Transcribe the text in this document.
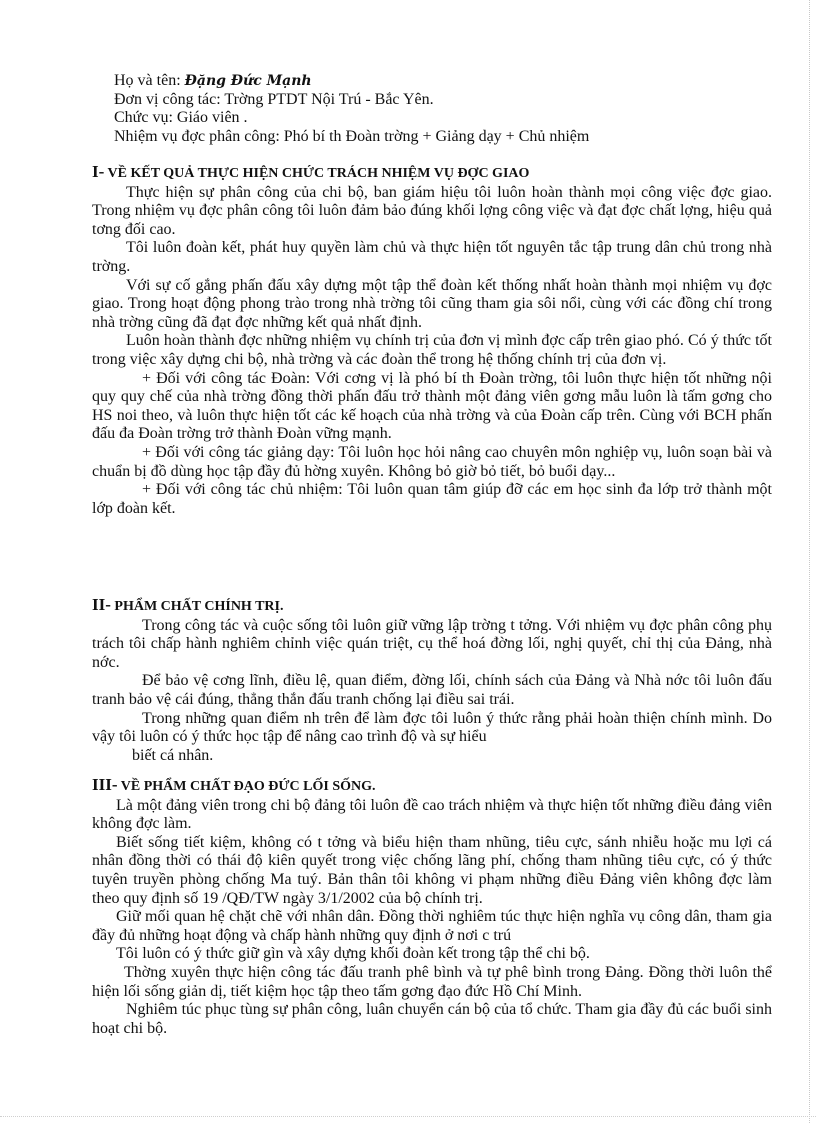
Họ và tên: Đặng Đức Mạnh
Đơn vị công tác: Trờng PTDT Nội Trú - Bắc Yên.
Chức vụ: Giáo viên .
Nhiệm vụ đợc phân công: Phó bí th Đoàn trờng + Giảng dạy + Chủ nhiệm
I- VỀ KẾT QUẢ THỰC HIỆN CHỨC TRÁCH NHIỆM VỤ ĐỢC GIAO

Thực hiện sự phân công của chi bộ, ban giám hiệu tôi luôn hoàn thành mọi công việc đợc giao. Trong nhiệm vụ đợc phân công tôi luôn đảm bảo đúng khối lợng công việc và đạt đợc chất lợng, hiệu quả tơng đối cao.

Tôi luôn đoàn kết, phát huy quyền làm chủ và thực hiện tốt nguyên tắc tập trung dân chủ trong nhà trờng.

Với sự cố gắng phấn đấu xây dựng một tập thể đoàn kết thống nhất hoàn thành mọi nhiệm vụ đợc giao. Trong hoạt động phong trào trong nhà trờng tôi cũng tham gia sôi nổi, cùng với các đồng chí trong nhà trờng cũng đã đạt đợc những kết quả nhất định.

Luôn hoàn thành đợc những nhiệm vụ chính trị của đơn vị mình đợc cấp trên giao phó. Có ý thức tốt trong việc xây dựng chi bộ, nhà trờng và các đoàn thể trong hệ thống chính trị của đơn vị.

+ Đối với công tác Đoàn: Với cơng vị là phó bí th Đoàn trờng, tôi luôn thực hiện tốt những nội quy quy chế của nhà trờng đồng thời phấn đấu trở thành một đảng viên gơng mẫu luôn là tấm gơng cho HS noi theo, và luôn thực hiện tốt các kế hoạch của nhà trờng và của Đoàn cấp trên. Cùng với BCH phấn đấu đa Đoàn trờng trở thành Đoàn vững mạnh.

+ Đối với công tác giảng dạy: Tôi luôn học hỏi nâng cao chuyên môn nghiệp vụ, luôn soạn bài và chuẩn bị đồ dùng học tập đầy đủ hờng xuyên. Không bỏ giờ bỏ tiết, bỏ buổi dạy...

+ Đối với công tác chủ nhiệm: Tôi luôn quan tâm giúp đỡ các em học sinh đa lớp trở thành một lớp đoàn kết.

II- PHẨM CHẤT CHÍNH TRỊ.

Trong công tác và cuộc sống tôi luôn giữ vững lập trờng t tởng. Với nhiệm vụ đợc phân công phụ trách tôi chấp hành nghiêm chỉnh việc quán triệt, cụ thể hoá đờng lối, nghị quyết, chỉ thị của Đảng, nhà nớc.

Để bảo vệ cơng lĩnh, điều lệ, quan điểm, đờng lối, chính sách của Đảng và Nhà nớc tôi luôn đấu tranh bảo vệ cái đúng, thẳng thắn đấu tranh chống lại điều sai trái.

Trong những quan điểm nh trên để làm đợc tôi luôn ý thức rằng phải hoàn thiện chính mình. Do vậy tôi luôn có ý thức học tập để nâng cao trình độ và sự hiểu

biết cá nhân.

III- VỀ PHẨM CHẤT ĐẠO ĐỨC LỐI SỐNG.

Là một đảng viên trong chi bộ đảng tôi luôn đề cao trách nhiệm và thực hiện tốt những điều đảng viên không đợc làm.

Biết sống tiết kiệm, không có t tởng và biểu hiện tham nhũng, tiêu cực, sánh nhiễu hoặc mu lợi cá nhân đồng thời có thái độ kiên quyết trong việc chống lãng phí, chống tham nhũng tiêu cực, có ý thức tuyên truyền phòng chống Ma tuý. Bản thân tôi không vi phạm những điều Đảng viên không đợc làm theo quy định số 19 /QĐ/TW ngày 3/1/2002 của bộ chính trị.

Giữ mối quan hệ chặt chẽ với nhân dân. Đồng thời nghiêm túc thực hiện nghĩa vụ công dân, tham gia đầy đủ những hoạt động và chấp hành những quy định ở nơi c trú

Tôi luôn có ý thức giữ gìn và xây dựng khối đoàn kết trong tập thể chi bộ.

Thờng xuyên thực hiện công tác đấu tranh phê bình và tự phê bình trong Đảng. Đồng thời luôn thể hiện lối sống giản dị, tiết kiệm học tập theo tấm gơng đạo đức Hồ Chí Minh.

Nghiêm túc phục tùng sự phân công, luân chuyển cán bộ của tổ chức. Tham gia đầy đủ các buổi sinh hoạt chi bộ.
